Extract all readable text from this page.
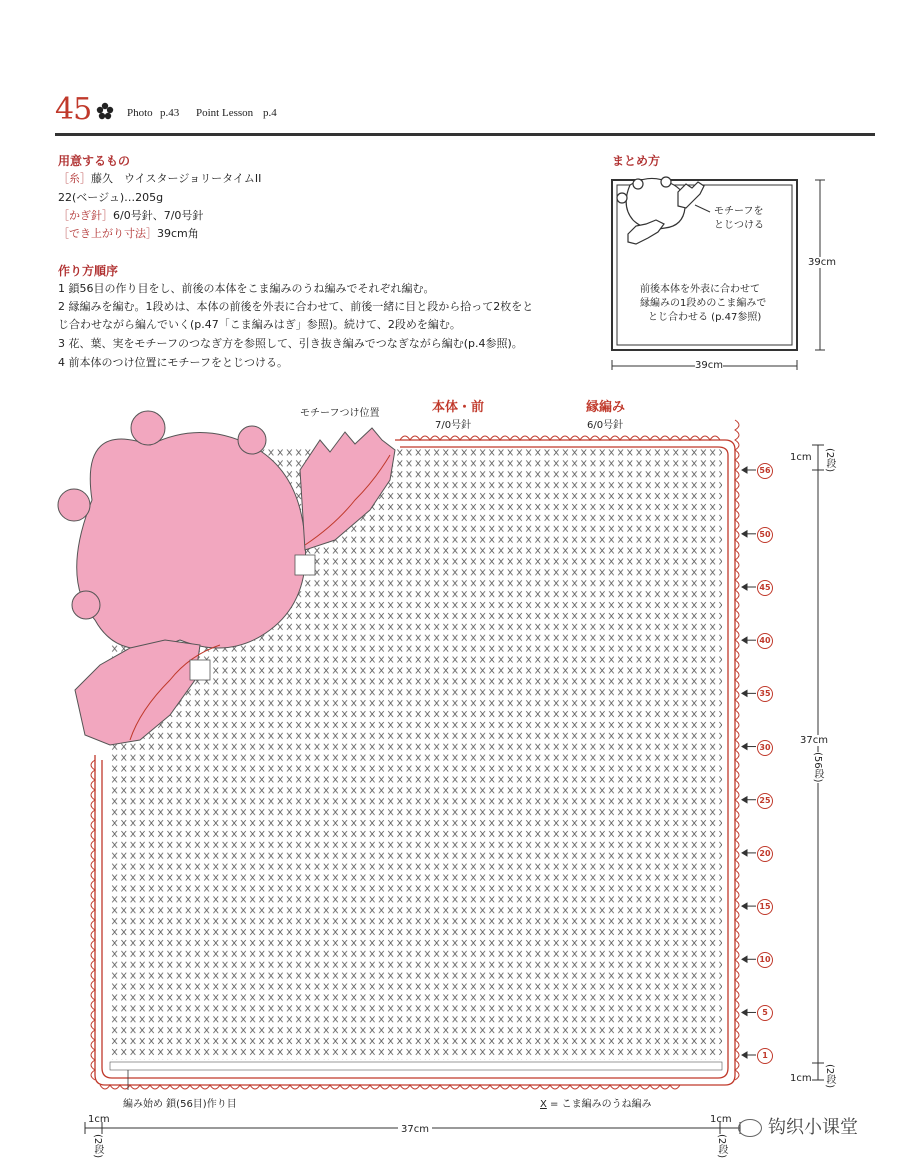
45	Photo p.43 Point Lesson p.4
用意するもの
［糸］藤久　ウイスタージョリータイムII
22(ベージュ)…205g
［かぎ針］6/0号針、7/0号針
［でき上がり寸法］39cm角
作り方順序
1 鎖56目の作り目をし、前後の本体をこま編みのうね編みでそれぞれ編む。
2 縁編みを編む。1段めは、本体の前後を外表に合わせて、前後一緒に目と段から拾って2枚をと
じ合わせながら編んでいく(p.47「こま編みはぎ」参照)。続けて、2段めを編む。
3 花、葉、実をモチーフのつなぎ方を参照して、引き抜き編みでつなぎながら編む(p.4参照)。
4 前本体のつけ位置にモチーフをとじつける。
まとめ方
モチーフを
とじつける
前後本体を外表に合わせて
縁編みの1段めのこま編みで
とじ合わせる (p.47参照)
39cm
39cm
本体・前
7/0号針
縁編み
6/0号針
モチーフつけ位置
56
50
45
40
35
30
25
20
15
10
5
1
1cm (2段)
37cm
(56段)
1cm (2段)
37cm
1cm
(2段)
1cm
(2段)
編み始め 鎖(56目)作り目	X = こま編みのうね編み
钩织小课堂
